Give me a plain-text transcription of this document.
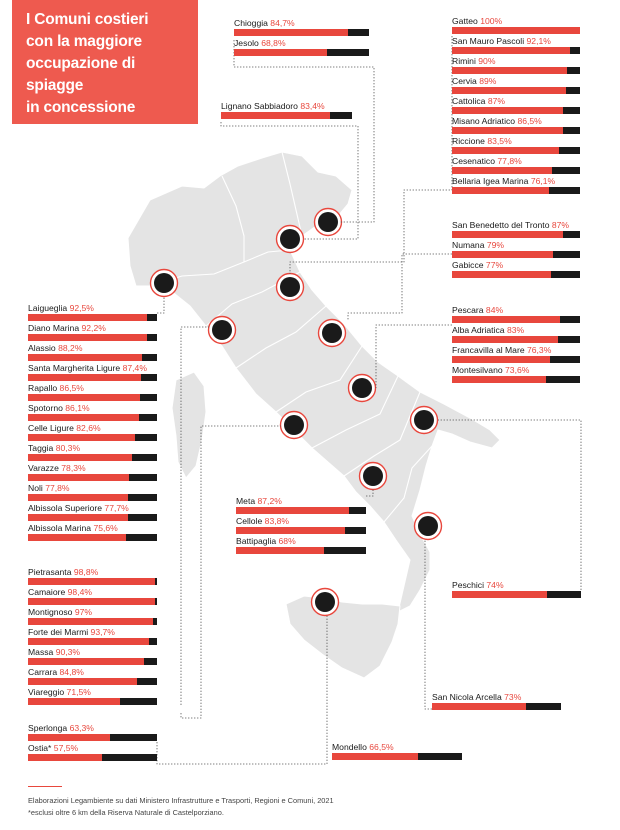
I Comuni costieri
con la maggiore
occupazione di spiagge
in concessione
Chioggia 84,7%
Jesolo 68,8%
Lignano Sabbiadoro 83,4%
Gatteo 100%
San Mauro Pascoli 92,1%
Rimini 90%
Cervia 89%
Cattolica 87%
Misano Adriatico 86,5%
Riccione 83,5%
Cesenatico 77,8%
Bellaria Igea Marina 76,1%
San Benedetto del Tronto 87%
Numana 79%
Gabicce 77%
Pescara 84%
Alba Adriatica 83%
Francavilla al Mare 76,3%
Montesilvano 73,6%
Laigueglia 92,5%
Diano Marina 92,2%
Alassio 88,2%
Santa Margherita Ligure 87,4%
Rapallo 86,5%
Spotorno 86,1%
Celle Ligure 82,6%
Taggia 80,3%
Varazze 78,3%
Noli 77,8%
Albissola Superiore 77,7%
Albissola Marina 75,6%
Pietrasanta 98,8%
Camaiore 98,4%
Montignoso 97%
Forte dei Marmi 93,7%
Massa 90,3%
Carrara 84,8%
Viareggio 71,5%
Sperlonga 63,3%
Ostia* 57,5%
Meta 87,2%
Cellole 83,8%
Battipaglia 68%
Peschici 74%
San Nicola Arcella 73%
Mondello 66,5%
Elaborazioni Legambiente su dati Ministero Infrastrutture e Trasporti, Regioni e Comuni, 2021
*esclusi oltre 6 km della Riserva Naturale di Castelporziano.
